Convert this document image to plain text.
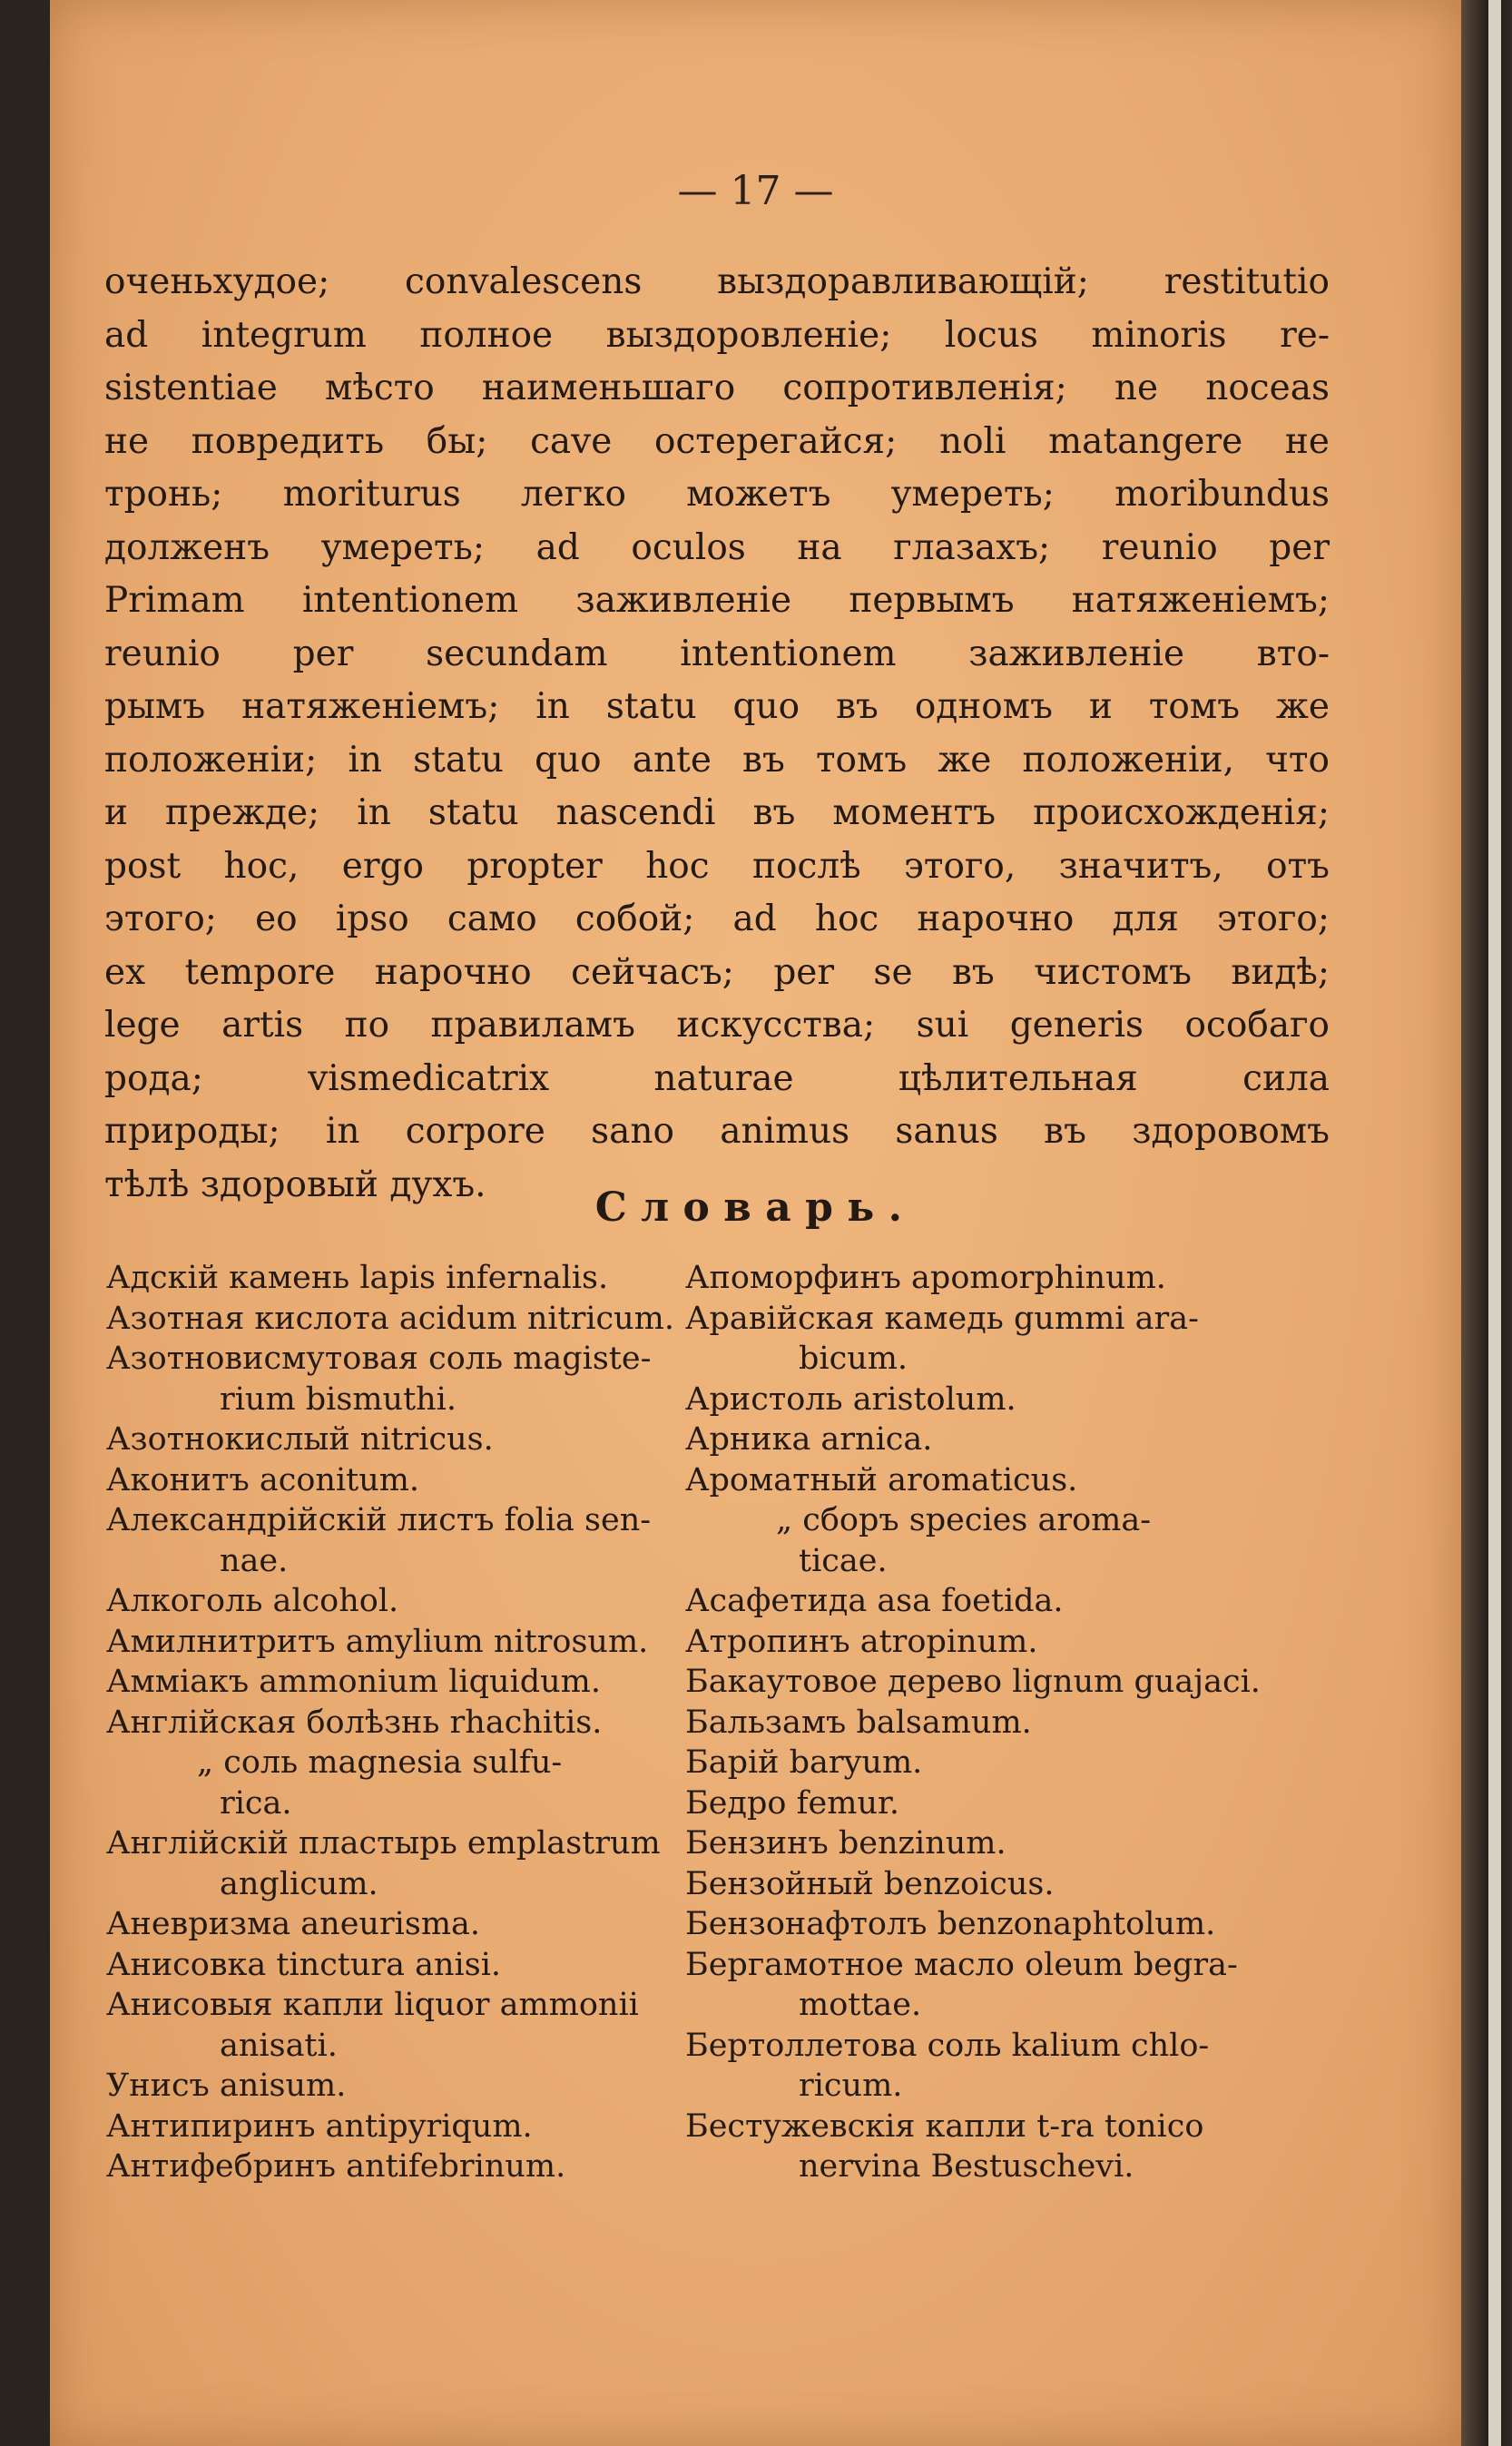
— 17 —
оченьхудое; convalescens выздоравливающій; restitutio
ad integrum полное выздоровленіе; locus minoris re-
sistentiae мѣсто наименьшаго сопротивленія; ne noceas
не повредить бы; cave остерегайся; noli matangere не
тронь; moriturus легко можетъ умереть; moribundus
долженъ умереть; ad oculos на глазахъ; reunio per
Primam intentionem заживленіе первымъ натяженіемъ;
reunio per secundam intentionem заживленіе вто-
рымъ натяженіемъ; in statu quo въ одномъ и томъ же
положеніи; in statu quo ante въ томъ же положеніи, что
и прежде; in statu nascendi въ моментъ происхожденія;
post hoc, ergo propter hoc послѣ этого, значитъ, отъ
этого; eo ipso само собой; ad hoc нарочно для этого;
ex tempore нарочно сейчасъ; per se въ чистомъ видѣ;
lege artis по правиламъ искусства; sui generis особаго
рода; vismedicatrix naturae цѣлительная сила
природы; in corpore sano animus sanus въ здоровомъ
тѣлѣ здоровый духъ.	Словарь.
Адскій камень lapis infernalis.
Азотная кислота acidum nitricum.
Азотновисмутовая соль magiste-
rium bismuthi.
Азотнокислый nitricus.
Аконитъ aconitum.
Александрійскій листъ folia sen-
nae.
Алкоголь alcohol.
Амилнитритъ amylium nitrosum.
Амміакъ ammonium liquidum.
Англійская болѣзнь rhachitis.
„ соль magnesia sulfu-
rica.
Англійскій пластырь emplastrum
anglicum.
Аневризма aneurisma.
Анисовка tinctura anisi.
Анисовыя капли liquor ammonii
anisati.
Унисъ anisum.
Антипиринъ antipyriqum.
Антифебринъ antifebrinum.
Апоморфинъ apomorphinum.
Аравійская камедь gummi ara-
bicum.
Аристоль aristolum.
Арника arnica.
Ароматный aromaticus.
„ сборъ species aroma-
ticae.
Асафетида asa foetida.
Атропинъ atropinum.
Бакаутовое дерево lignum guajaci.
Бальзамъ balsamum.
Барій baryum.
Бедро femur.
Бензинъ benzinum.
Бензойный benzoicus.
Бензонафтолъ benzonaphtolum.
Бергамотное масло oleum begra-
mottae.
Бертоллетова соль kalium chlo-
ricum.
Бестужевскія капли t-ra tonico
nervina Bestuschevi.
